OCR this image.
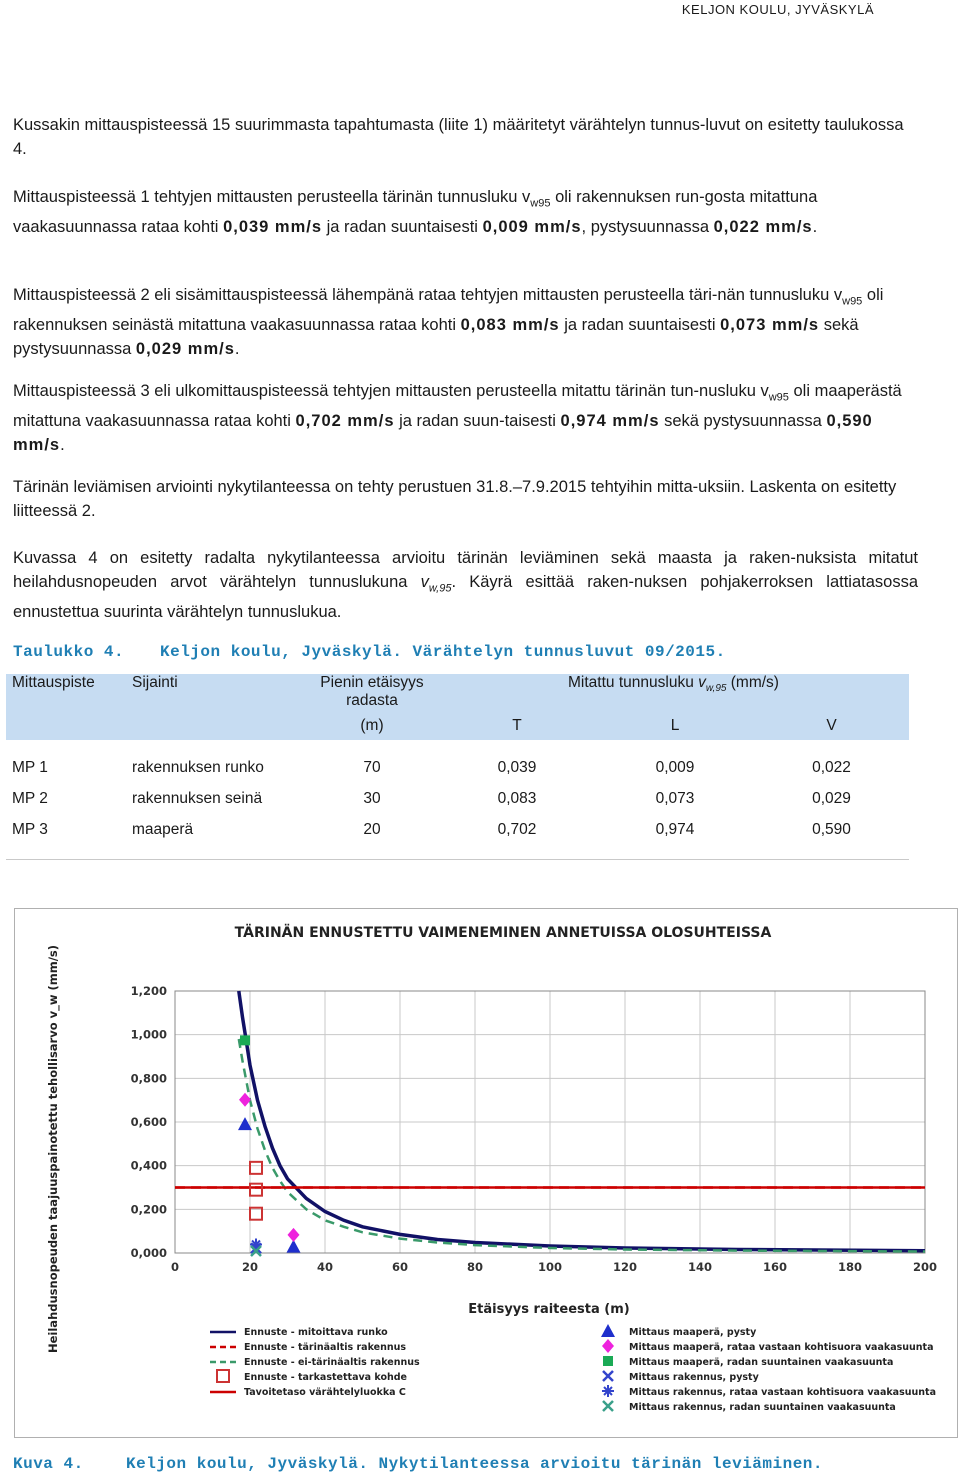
KELJON KOULU, JYVÄSKYLÄ
Kussakin mittauspisteessä 15 suurimmasta tapahtumasta (liite 1) määritetyt värähtelyn tunnus-luvut on esitetty taulukossa 4.
Mittauspisteessä 1 tehtyjen mittausten perusteella tärinän tunnusluku $v_{w95}$ oli rakennuksen run-gosta mitattuna vaakasuunnassa rataa kohti 0,039 mm/s ja radan suuntaisesti 0,009 mm/s, pystysuunnassa 0,022 mm/s.
Mittauspisteessä 2 eli sisämittauspisteessä lähempänä rataa tehtyjen mittausten perusteella täri-nän tunnusluku $v_{w95}$ oli rakennuksen seinästä mitattuna vaakasuunnassa rataa kohti 0,083 mm/s ja radan suuntaisesti 0,073 mm/s sekä pystysuunnassa 0,029 mm/s.
Mittauspisteessä 3 eli ulkomittauspisteessä tehtyjen mittausten perusteella mitattu tärinän tun-nusluku $v_{w95}$ oli maaperästä mitattuna vaakasuunnassa rataa kohti 0,702 mm/s ja radan suun-taisesti 0,974 mm/s sekä pystysuunnassa 0,590 mm/s.
Tärinän leviämisen arviointi nykytilanteessa on tehty perustuen 31.8.–7.9.2015 tehtyihin mitta-uksiin. Laskenta on esitetty liitteessä 2.
Kuvassa 4 on esitetty radalta nykytilanteessa arvioitu tärinän leviäminen sekä maasta ja raken-nuksista mitatut heilahdusnopeuden arvot värähtelyn tunnuslukuna $v_{w,95}$. Käyrä esittää raken-nuksen pohjakerroksen lattiatasossa ennustettua suurinta värähtelyn tunnuslukua.
Taulukko 4. Keljon koulu, Jyväskylä. Värähtelyn tunnusluvut 09/2015.
Mittauspiste	Sijainti	Pienin etäisyys radasta	Mitattu tunnusluku $v_{w,95}$ (mm/s)		
		(m)	T	L	V

MP 1	rakennuksen runko	70	0,039	0,009	0,022
MP 2	rakennuksen seinä	30	0,083	0,073	0,029
MP 3	maaperä	20	0,702	0,974	0,590

TÄRINÄN ENNUSTETTU VAIMENEMINEN ANNETUISSA OLOSUHTEISSA
0,000
0,200
0,400
0,600
0,800
1,000
1,200
0	20	40	60	80	100	120	140	160	180	200
Etäisyys raiteesta (m)
Heilahdusnopeuden taajuuspainotettu tehollisarvo v_w (mm/s)	Ennuste - mitoittava runko
Ennuste - tärinäaltis rakennus
Ennuste - ei-tärinäaltis rakennus
Ennuste - tarkastettava kohde
Tavoitetaso värähtelyluokka C
Mittaus maaperä, pysty
Mittaus maaperä, rataa vastaan kohtisuora vaakasuunta
Mittaus maaperä, radan suuntainen vaakasuunta
Mittaus rakennus, pysty
Mittaus rakennus, rataa vastaan kohtisuora vaakasuunta
Mittaus rakennus, radan suuntainen vaakasuunta
Kuva 4.	Keljon koulu, Jyväskylä. Nykytilanteessa arvioitu tärinän leviäminen.
